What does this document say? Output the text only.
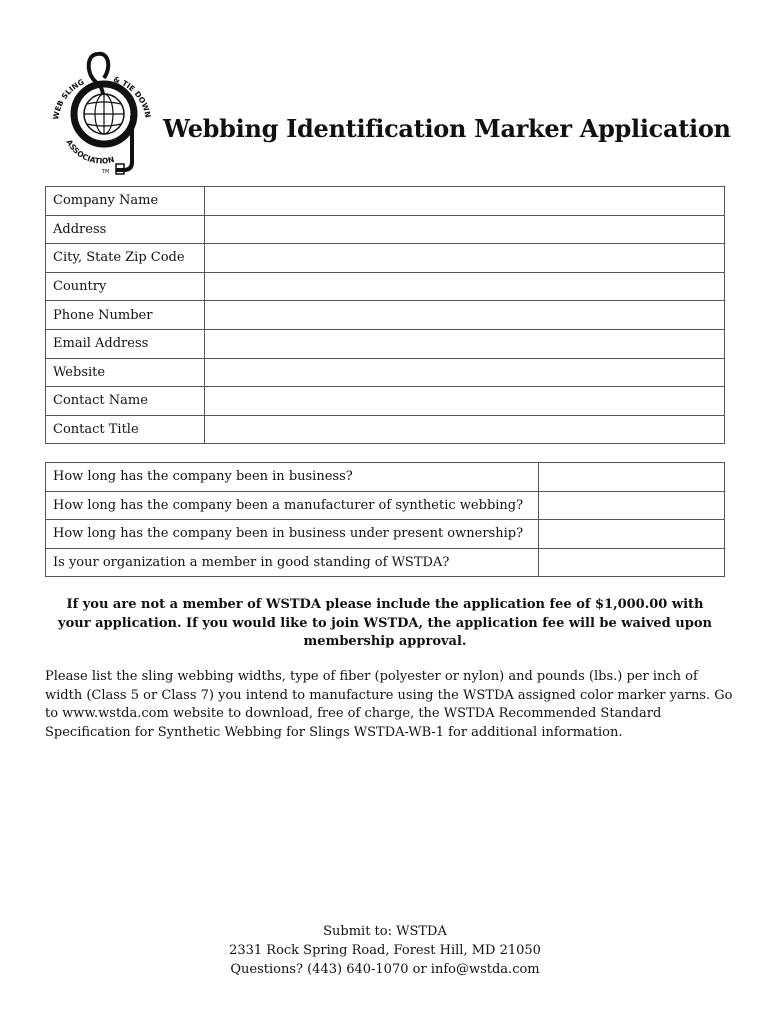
WEB SLING	& TIE DOWN
ASSOCIATION
TM
Webbing Identification Marker Application
Company Name	
Address	
City, State Zip Code	
Country	
Phone Number	
Email Address	
Website	
Contact Name	
Contact Title	
How long has the company been in business?	
How long has the company been a manufacturer of synthetic webbing?	
How long has the company been in business under present ownership?	
Is your organization a member in good standing of WSTDA?	
If you are not a member of WSTDA please include the application fee of $1,000.00 with your application. If you would like to join WSTDA, the application fee will be waived upon membership approval.
Please list the sling webbing widths, type of fiber (polyester or nylon) and pounds (lbs.) per inch of width (Class 5 or Class 7) you intend to manufacture using the WSTDA assigned color marker yarns. Go to www.wstda.com website to download, free of charge, the WSTDA Recommended Standard Specification for Synthetic Webbing for Slings WSTDA-WB-1 for additional information.
Submit to: WSTDA
2331 Rock Spring Road, Forest Hill, MD 21050
Questions? (443) 640-1070 or info@wstda.com
